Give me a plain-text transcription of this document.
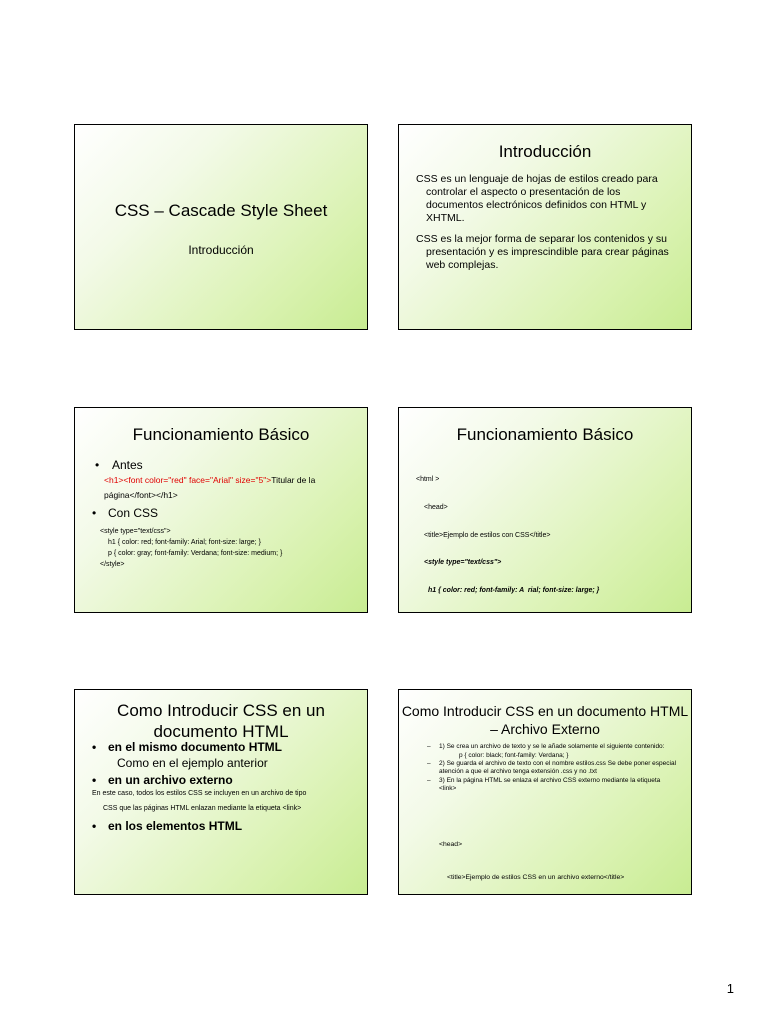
CSS – Cascade Style Sheet
Introducción
Introducción
CSS es un lenguaje de hojas de estilos creado para controlar el aspecto o presentación de los documentos electrónicos definidos con HTML y XHTML.
CSS es la mejor forma de separar los contenidos y su presentación y es imprescindible para crear páginas web complejas.
Funcionamiento Básico
•	Antes
<h1><font color="red" face="Arial" size="5">Titular de la página</font></h1>
• Con CSS
<style type="text/css">
h1 { color: red; font-family: Arial; font-size: large; }
p { color: gray; font-family: Verdana; font-size: medium; }
</style>
Funcionamiento Básico

<html >

<head>

<title>Ejemplo de estilos con CSS</title>

<style type="text/css">

h1 { color: red; font-family: A  rial; font-size: large; }

Como Introducir CSS en un documento HTML
• en el mismo documento HTML
Como en el ejemplo anterior
• en un archivo externo
En este caso, todos los estilos CSS se incluyen en un archivo de tipo
CSS que las páginas HTML enlazan mediante la etiqueta <link>
• en los elementos HTML
Como Introducir CSS en un documento HTML – Archivo Externo
–	1) Se crea un archivo de texto y se le añade solamente el siguiente contenido:
p { color: black; font-family: Verdana; }
–	2) Se guarda el archivo de texto con el nombre estilos.css Se debe poner especial atención a que el archivo tenga extensión .css y no .txt
–	3) En la página HTML se enlaza el archivo CSS externo mediante la etiqueta <link>

<head>

<title>Ejemplo de estilos CSS en un archivo externo</title>

1
